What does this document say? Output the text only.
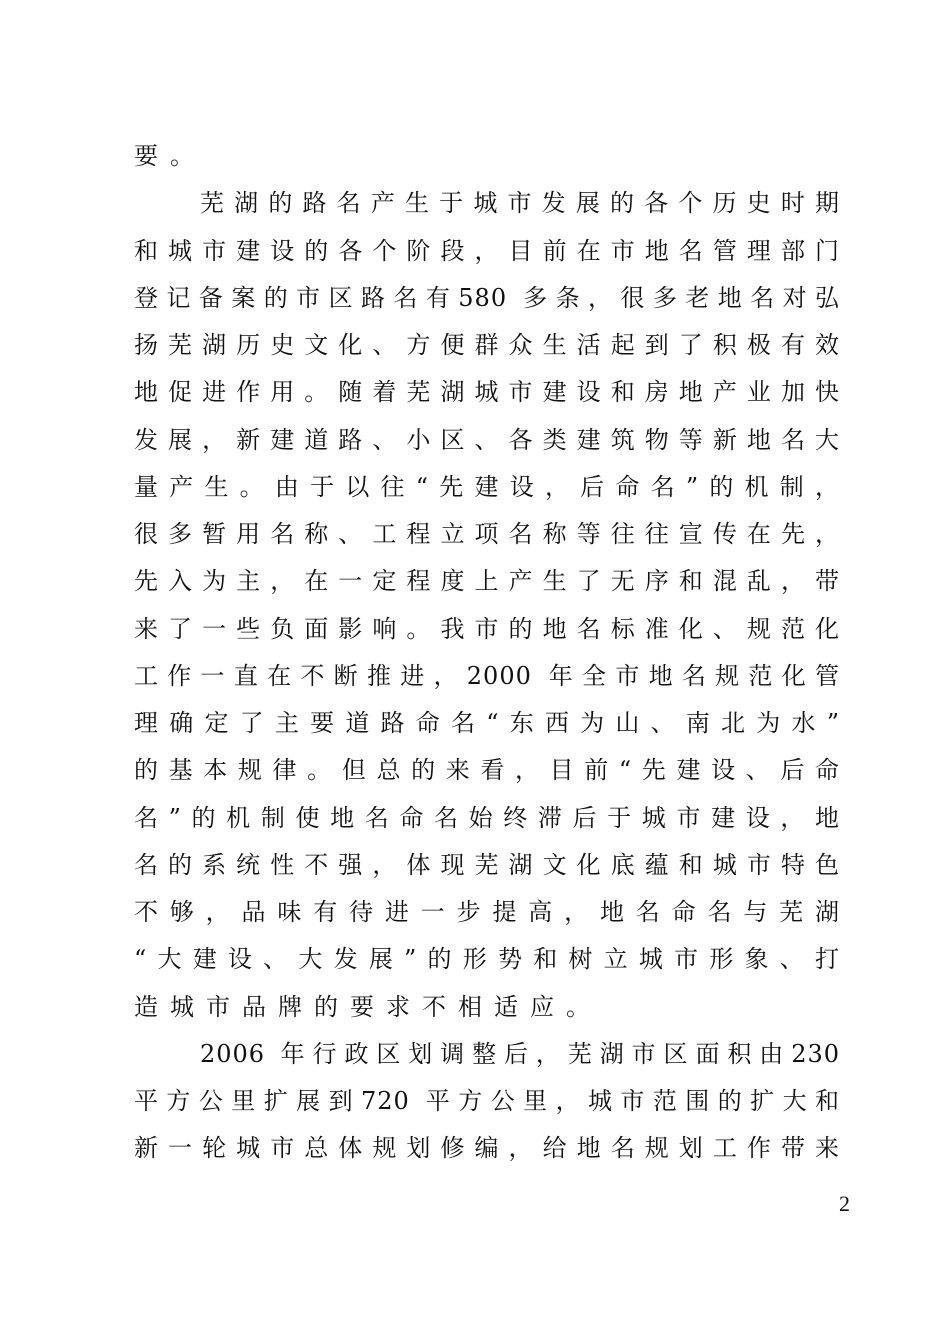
要。
芜湖的路名产生于城市发展的各个历史时期
和城市建设的各个阶段，目前在市地名管理部门
登记备案的市区路名有580 多条，很多老地名对弘
扬芜湖历史文化、方便群众生活起到了积极有效
地促进作用。随着芜湖城市建设和房地产业加快
发展，新建道路、小区、各类建筑物等新地名大
量产生。由于以往“先建设，后命名”的机制，
很多暂用名称、工程立项名称等往往宣传在先，
先入为主，在一定程度上产生了无序和混乱，带
来了一些负面影响。我市的地名标准化、规范化
工作一直在不断推进，2000 年全市地名规范化管
理确定了主要道路命名“东西为山、南北为水”
的基本规律。但总的来看，目前“先建设、后命
名”的机制使地名命名始终滞后于城市建设，地
名的系统性不强，体现芜湖文化底蕴和城市特色
不够，品味有待进一步提高，地名命名与芜湖
“大建设、大发展”的形势和树立城市形象、打
造城市品牌的要求不相适应。
2006 年行政区划调整后，芜湖市区面积由230
平方公里扩展到720 平方公里，城市范围的扩大和
新一轮城市总体规划修编，给地名规划工作带来
2
